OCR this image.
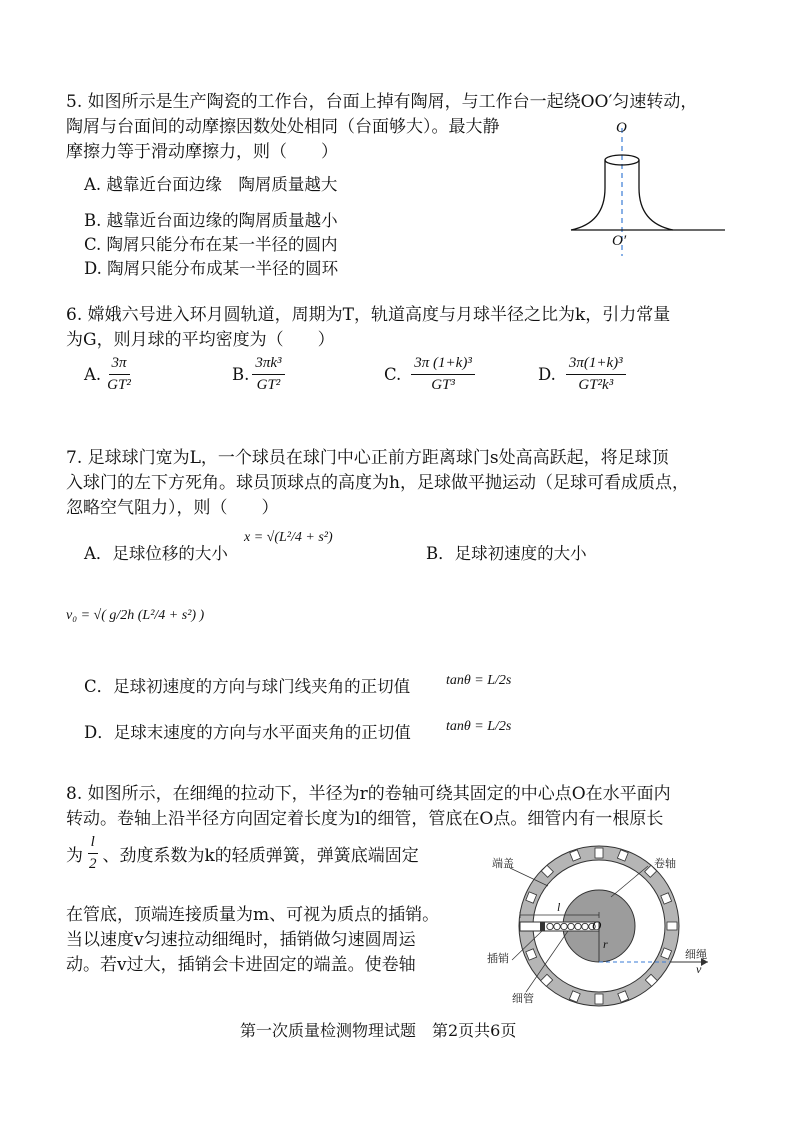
5. 如图所示是生产陶瓷的工作台，台面上掉有陶屑，与工作台一起绕OO′匀速转动，
陶屑与台面间的动摩擦因数处处相同（台面够大）。最大静
摩擦力等于滑动摩擦力，则（　　）
A. 越靠近台面边缘　陶屑质量越大
B. 越靠近台面边缘的陶屑质量越小
C. 陶屑只能分布在某一半径的圆内
D. 陶屑只能分布成某一半径的圆环
O
O′
6. 嫦娥六号进入环月圆轨道，周期为T，轨道高度与月球半径之比为k，引力常量
为G，则月球的平均密度为（　　）
A. $\frac{3\pi}{\text{GT²}}$	B. $\frac{\text{3πk³}}{\text{GT²}}$	C. $\frac{\text{3π (1+k)³}}{\text{GT³}}$	D. $\frac{\text{3π(1+k)³}}{\text{GT²k³}}$
7. 足球球门宽为L，一个球员在球门中心正前方距离球门s处高高跃起，将足球顶
入球门的左下方死角。球员顶球点的高度为h，足球做平抛运动（足球可看成质点，
忽略空气阻力），则（　　）
A．足球位移的大小
x = √(L²/4 + s²)
B．足球初速度的大小
v₀ = √( g/2h (L²/4 + s²) )
C．足球初速度的方向与球门线夹角的正切值	tanθ = L/2s
D．足球末速度的方向与水平面夹角的正切值	tanθ = L/2s
8. 如图所示，在细绳的拉动下，半径为r的卷轴可绕其固定的中心点O在水平面内
转动。卷轴上沿半径方向固定着长度为l的细管，管底在O点。细管内有一根原长
为 $\frac{l}{2}$ 、劲度系数为k的轻质弹簧，弹簧底端固定
在管底，顶端连接质量为m、可视为质点的插销。
当以速度v匀速拉动细绳时，插销做匀速圆周运
动。若v过大，插销会卡进固定的端盖。使卷轴
端盖	卷轴
插销
细管
细绳
l
O
r
v
第一次质量检测物理试题　第2页共6页
